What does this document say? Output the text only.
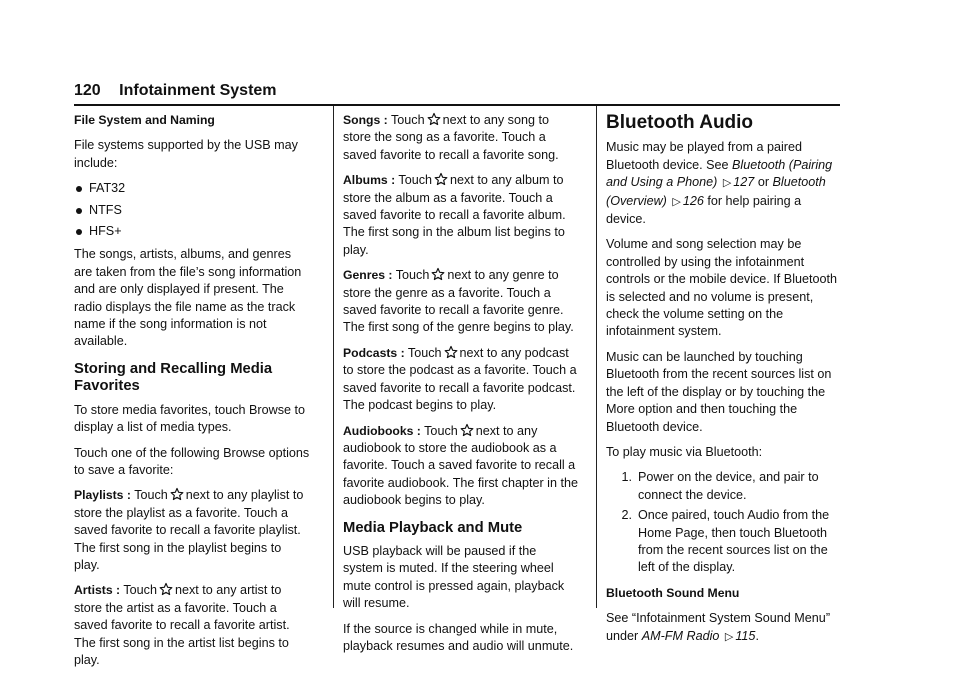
120 Infotainment System

File System and Naming

File systems supported by the USB may include:

FAT32
NTFS
HFS+

The songs, artists, albums, and genres are taken from the file’s song information and are only displayed if present. The radio displays the file name as the track name if the song information is not available.

Storing and Recalling Media Favorites

To store media favorites, touch Browse to display a list of media types.

Touch one of the following Browse options to save a favorite:

Playlists : Touch next to any playlist to store the playlist as a favorite. Touch a saved favorite to recall a favorite playlist. The first song in the playlist begins to play.

Artists : Touch next to any artist to store the artist as a favorite. Touch a saved favorite to recall a favorite artist. The first song in the artist list begins to play.

Songs : Touch next to any song to store the song as a favorite. Touch a saved favorite to recall a favorite song.

Albums : Touch next to any album to store the album as a favorite. Touch a saved favorite to recall a favorite album. The first song in the album list begins to play.

Genres : Touch next to any genre to store the genre as a favorite. Touch a saved favorite to recall a favorite genre. The first song of the genre begins to play.

Podcasts : Touch next to any podcast to store the podcast as a favorite. Touch a saved favorite to recall a favorite podcast. The podcast begins to play.

Audiobooks : Touch next to any audiobook to store the audiobook as a favorite. Touch a saved favorite to recall a favorite audiobook. The first chapter in the audiobook begins to play.

Media Playback and Mute

USB playback will be paused if the system is muted. If the steering wheel mute control is pressed again, playback will resume.

If the source is changed while in mute, playback resumes and audio will unmute.

Bluetooth Audio

Music may be played from a paired Bluetooth device. See Bluetooth (Pairing and Using a Phone) ▷ 127 or Bluetooth (Overview) ▷ 126 for help pairing a device.

Volume and song selection may be controlled by using the infotainment controls or the mobile device. If Bluetooth is selected and no volume is present, check the volume setting on the infotainment system.

Music can be launched by touching Bluetooth from the recent sources list on the left of the display or by touching the More option and then touching the Bluetooth device.

To play music via Bluetooth:

1. Power on the device, and pair to connect the device.
2. Once paired, touch Audio from the Home Page, then touch Bluetooth from the recent sources list on the left of the display.

Bluetooth Sound Menu

See “Infotainment System Sound Menu” under AM-FM Radio ▷ 115.
